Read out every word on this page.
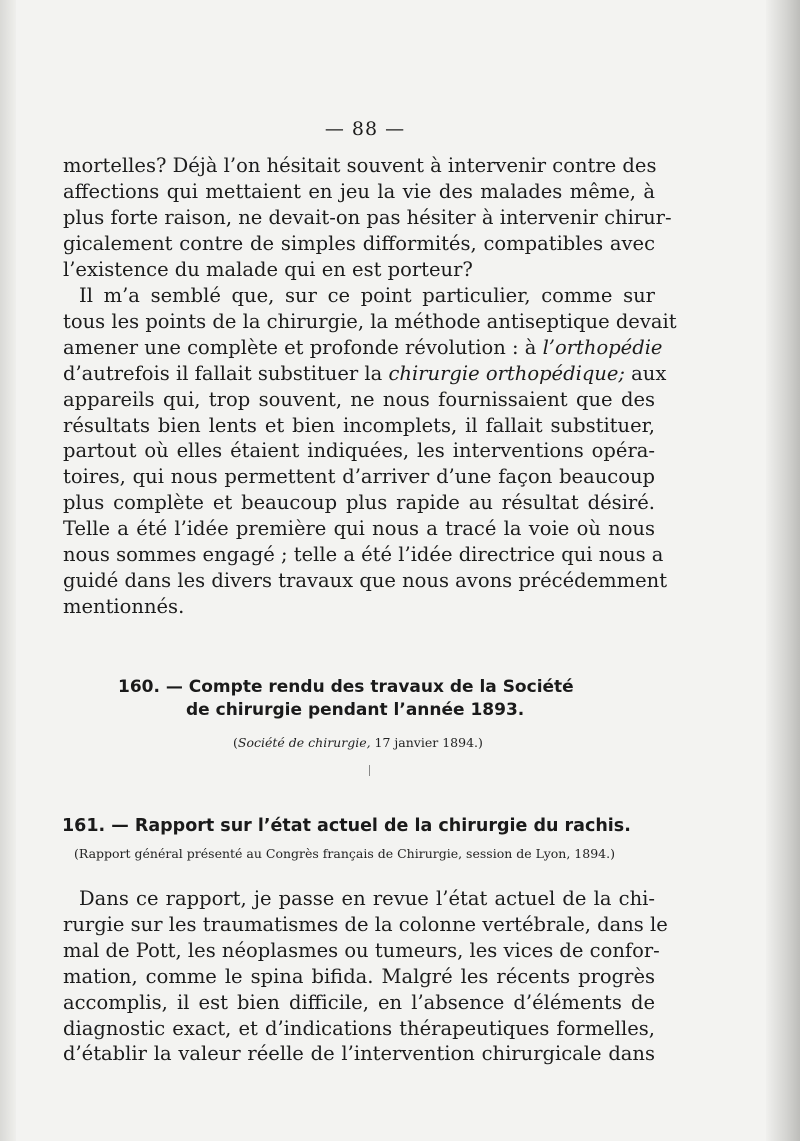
— 88 —
mortelles? Déjà l’on hésitait souvent à intervenir contre des
affections qui mettaient en jeu la vie des malades même, à
plus forte raison, ne devait-on pas hésiter à intervenir chirur-
gicalement contre de simples difformités, compatibles avec
l’existence du malade qui en est porteur?
Il m’a semblé que, sur ce point particulier, comme sur
tous les points de la chirurgie, la méthode antiseptique devait
amener une complète et profonde révolution : à l’orthopédie
d’autrefois il fallait substituer la chirurgie orthopédique; aux
appareils qui, trop souvent, ne nous fournissaient que des
résultats bien lents et bien incomplets, il fallait substituer,
partout où elles étaient indiquées, les interventions opéra-
toires, qui nous permettent d’arriver d’une façon beaucoup
plus complète et beaucoup plus rapide au résultat désiré.
Telle a été l’idée première qui nous a tracé la voie où nous
nous sommes engagé ; telle a été l’idée directrice qui nous a
guidé dans les divers travaux que nous avons précédemment
mentionnés.
160. — Compte rendu des travaux de la Société
de chirurgie pendant l’année 1893.
(Société de chirurgie, 17 janvier 1894.)
161. — Rapport sur l’état actuel de la chirurgie du rachis.
(Rapport général présenté au Congrès français de Chirurgie, session de Lyon, 1894.)
Dans ce rapport, je passe en revue l’état actuel de la chi-
rurgie sur les traumatismes de la colonne vertébrale, dans le
mal de Pott, les néoplasmes ou tumeurs, les vices de confor-
mation, comme le spina bifida. Malgré les récents progrès
accomplis, il est bien difficile, en l’absence d’éléments de
diagnostic exact, et d’indications thérapeutiques formelles,
d’établir la valeur réelle de l’intervention chirurgicale dans
